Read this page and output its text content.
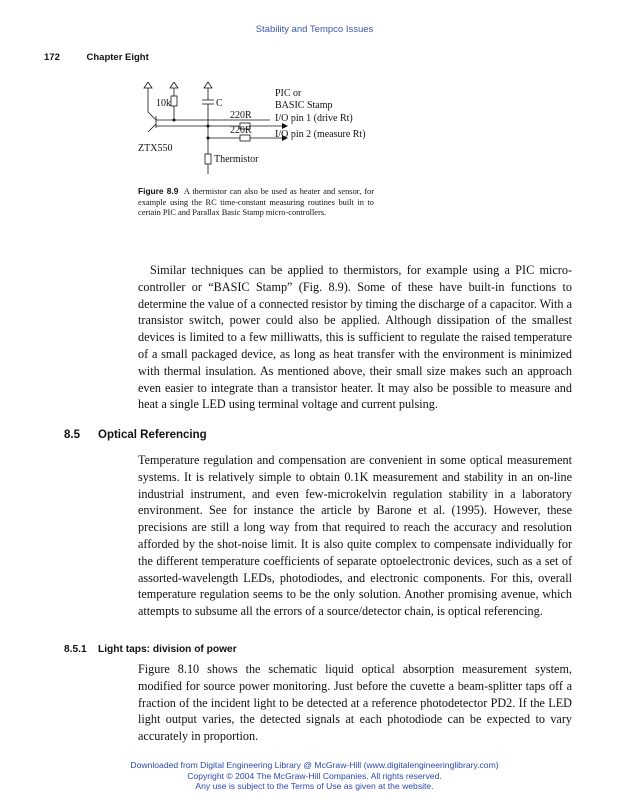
Stability and Tempco Issues
172	Chapter Eight
10k	C
220R
220R
PIC or
BASIC Stamp
I/O pin 1 (drive Rt)
I/O pin 2 (measure Rt)
ZTX550
Thermistor
Figure 8.9 A thermistor can also be used as heater and sensor, for example using the RC time-constant measuring routines built in to certain PIC and Parallax Basic Stamp micro-controllers.

Similar techniques can be applied to thermistors, for example using a PIC micro-controller or “BASIC Stamp” (Fig. 8.9). Some of these have built-in functions to determine the value of a connected resistor by timing the discharge of a capacitor. With a transistor switch, power could also be applied. Although dissipation of the smallest devices is limited to a few milliwatts, this is sufficient to regulate the raised temperature of a small packaged device, as long as heat transfer with the environment is minimized with thermal insulation. As mentioned above, their small size makes such an approach even easier to integrate than a transistor heater. It may also be possible to measure and heat a single LED using terminal voltage and current pulsing.

8.5 Optical Referencing

Temperature regulation and compensation are convenient in some optical measurement systems. It is relatively simple to obtain 0.1K measurement and stability in an on-line industrial instrument, and even few-microkelvin regulation stability in a laboratory environment. See for instance the article by Barone et al. (1995). However, these precisions are still a long way from that required to reach the accuracy and resolution afforded by the shot-noise limit. It is also quite complex to compensate individually for the different temperature coefficients of separate optoelectronic devices, such as a set of assorted-wavelength LEDs, photodiodes, and electronic components. For this, overall temperature regulation seems to be the only solution. Another promising avenue, which attempts to subsume all the errors of a source/detector chain, is optical referencing.

8.5.1 Light taps: division of power

Figure 8.10 shows the schematic liquid optical absorption measurement system, modified for source power monitoring. Just before the cuvette a beam-splitter taps off a fraction of the incident light to be detected at a reference photodetector PD2. If the LED light output varies, the detected signals at each photodiode can be expected to vary accurately in proportion.

Downloaded from Digital Engineering Library @ McGraw-Hill (www.digitalengineeringlibrary.com)
Copyright © 2004 The McGraw-Hill Companies. All rights reserved.
Any use is subject to the Terms of Use as given at the website.
